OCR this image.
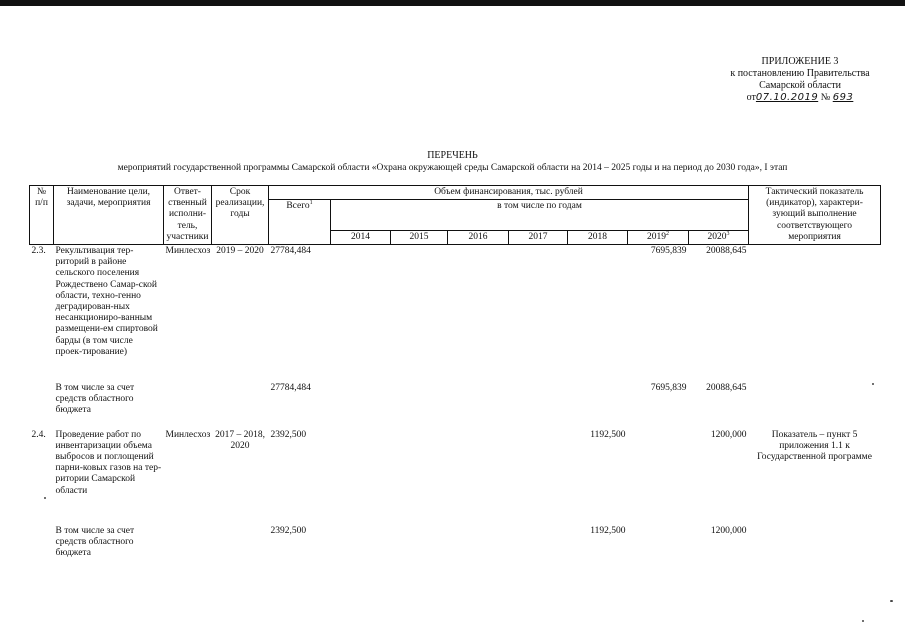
ПРИЛОЖЕНИЕ 3
к постановлению Правительства
Самарской области
от07.10.2019 № 693
ПЕРЕЧЕНЬ
мероприятий государственной программы Самарской области «Охрана окружающей среды Самарской области на 2014 – 2025 годы и на период до 2030 года», I этап
№ п/п	Наименование цели, задачи, мероприятия	Ответ-ственный исполни-тель, участники	Срок реализации, годы	Объем финансирования, тыс. рублей								Тактический показатель (индикатор), характери-зующий выполнение соответствующего мероприятия
				Всего$^1$	в том числе по годам							
					2014	2015	2016	2017	2018	2019$^2$	2020$^3$
2.3.	Рекультивация тер-риторий в районе сельского поселения Рождествено Самар-ской области, техно-генно деградирован-ных несанкциониро-ванным размещени-ем спиртовой барды (в том числе проек-тирование)	Минлесхоз	2019 – 2020	27784,484						7695,839	20088,645	
	В том числе за счет средств областного бюджета			27784,484						7695,839	20088,645	
2.4.	Проведение работ по инвентаризации объема выбросов и поглощений парни-ковых газов на тер-ритории Самарской области	Минлесхоз	2017 – 2018, 2020	2392,500					1192,500		1200,000	Показатель – пункт 5 приложения 1.1 к Государственной программе
	В том числе за счет средств областного бюджета			2392,500					1192,500		1200,000	
